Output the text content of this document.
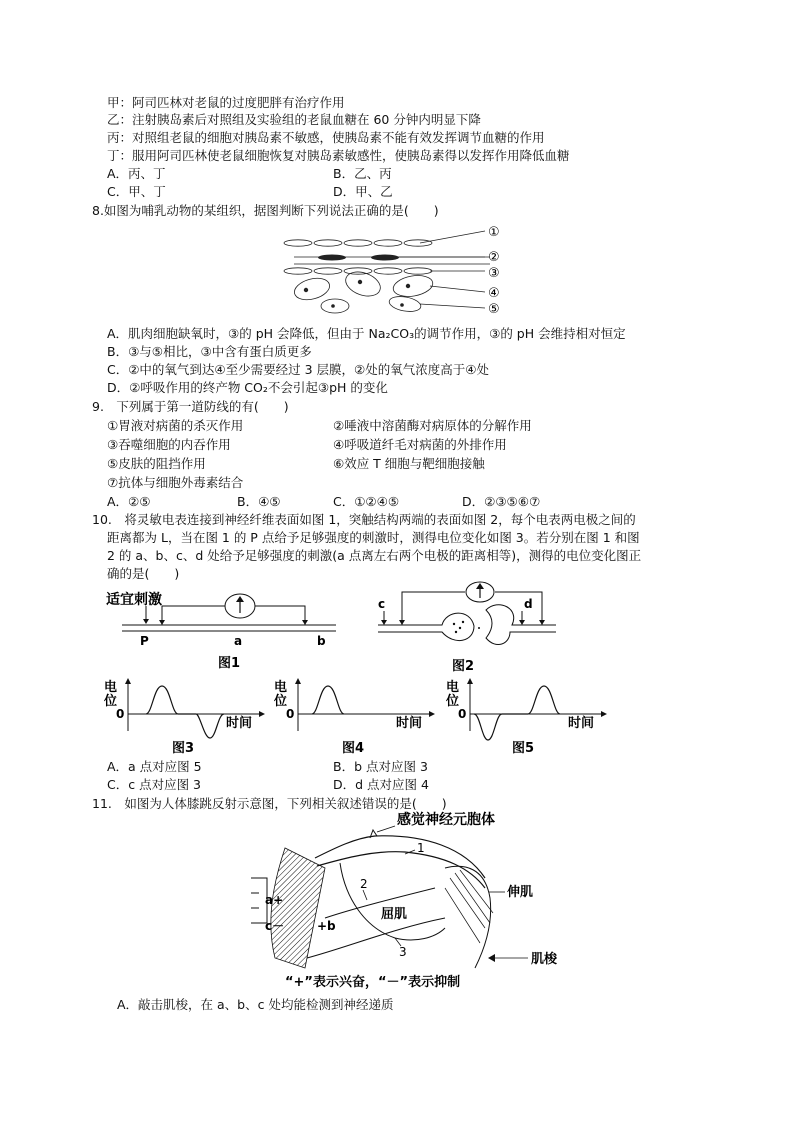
甲：阿司匹林对老鼠的过度肥胖有治疗作用
乙：注射胰岛素后对照组及实验组的老鼠血糖在 60 分钟内明显下降
丙：对照组老鼠的细胞对胰岛素不敏感，使胰岛素不能有效发挥调节血糖的作用
丁：服用阿司匹林使老鼠细胞恢复对胰岛素敏感性，使胰岛素得以发挥作用降低血糖
A．丙、丁	B．乙、丙
C．甲、丁	D．甲、乙
8.如图为哺乳动物的某组织，据图判断下列说法正确的是(　　)
①
②
③
④
⑤
A．肌肉细胞缺氧时，③的 pH 会降低，但由于 Na₂CO₃的调节作用，③的 pH 会维持相对恒定
B．③与⑤相比，③中含有蛋白质更多
C．②中的氧气到达④至少需要经过 3 层膜，②处的氧气浓度高于④处
D．②呼吸作用的终产物 CO₂不会引起③pH 的变化
9.　下列属于第一道防线的有(　　)
①胃液对病菌的杀灭作用	②唾液中溶菌酶对病原体的分解作用
③吞噬细胞的内吞作用	④呼吸道纤毛对病菌的外排作用
⑤皮肤的阻挡作用	⑥效应 T 细胞与靶细胞接触
⑦抗体与细胞外毒素结合
A．②⑤	B．④⑤	C．①②④⑤	D．②③⑤⑥⑦
10.　将灵敏电表连接到神经纤维表面如图 1，突触结构两端的表面如图 2，每个电表两电极之间的
距离都为 L，当在图 1 的 P 点给予足够强度的刺激时，测得电位变化如图 3。若分别在图 1 和图
2 的 a、b、c、d 处给予足够强度的刺激(a 点离左右两个电极的距离相等)，测得的电位变化图正
确的是(　　)
适宜刺激
P	a	b
图1
c	d
图2
电
位
0
时间
图3
电
位
0
时间
图4
电
位
0
时间
图5
A．a 点对应图 5	B．b 点对应图 3
C．c 点对应图 3	D．d 点对应图 4
11.　如图为人体膝跳反射示意图，下列相关叙述错误的是(　　)
感觉神经元胞体
1
2
3
屈肌
伸肌
肌梭
a+
+b
c－
“+”表示兴奋，“－”表示抑制
A．敲击肌梭，在 a、b、c 处均能检测到神经递质
